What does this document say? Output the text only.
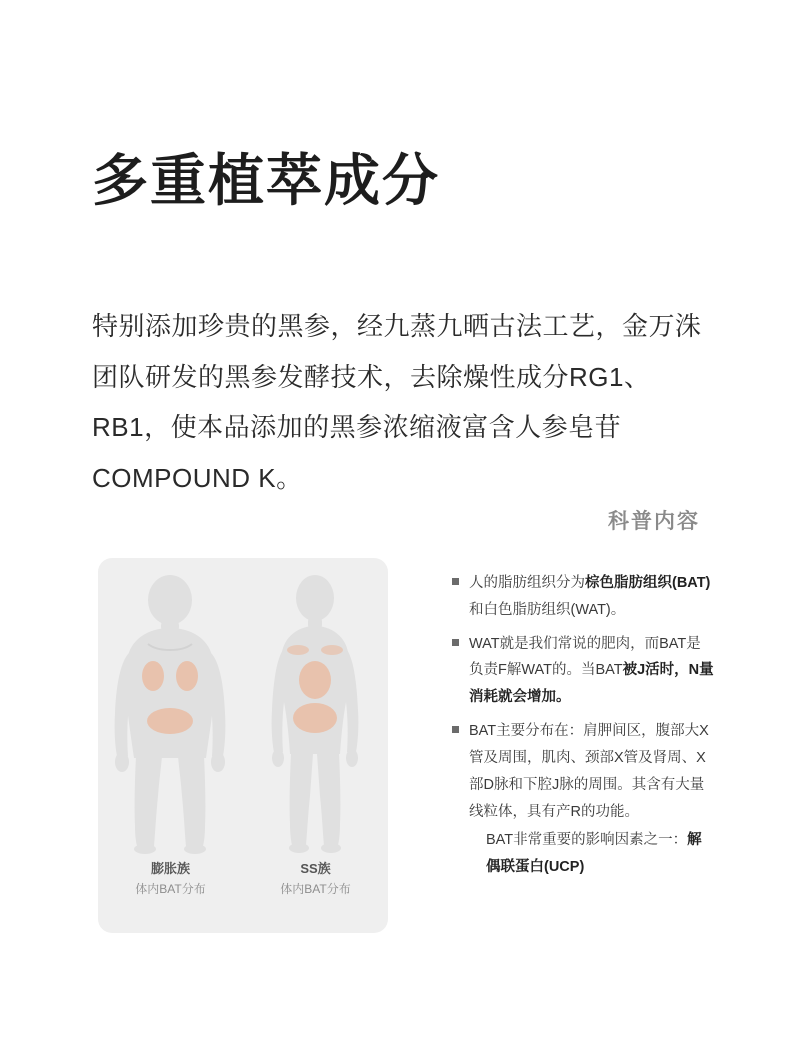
多重植萃成分

特别添加珍贵的黑参，经九蒸九晒古法工艺，金万洙团队研发的黑参发酵技术，去除燥性成分RG1、RB1，使本品添加的黑参浓缩液富含人参皂苷COMPOUND K。

科普内容
膨胀族
体内BAT分布
SS族
体内BAT分布
人的脂肪组织分为棕色脂肪组织(BAT)和白色脂肪组织(WAT)。
WAT就是我们常说的肥肉，而BAT是负责F解WAT的。当BAT被J活时，N量消耗就会增加。
BAT主要分布在：肩胛间区，腹部大X管及周围，肌肉、颈部X管及肾周、X部D脉和下腔J脉的周围。其含有大量线粒体，具有产R的功能。
BAT非常重要的影响因素之一：解偶联蛋白(UCP)
